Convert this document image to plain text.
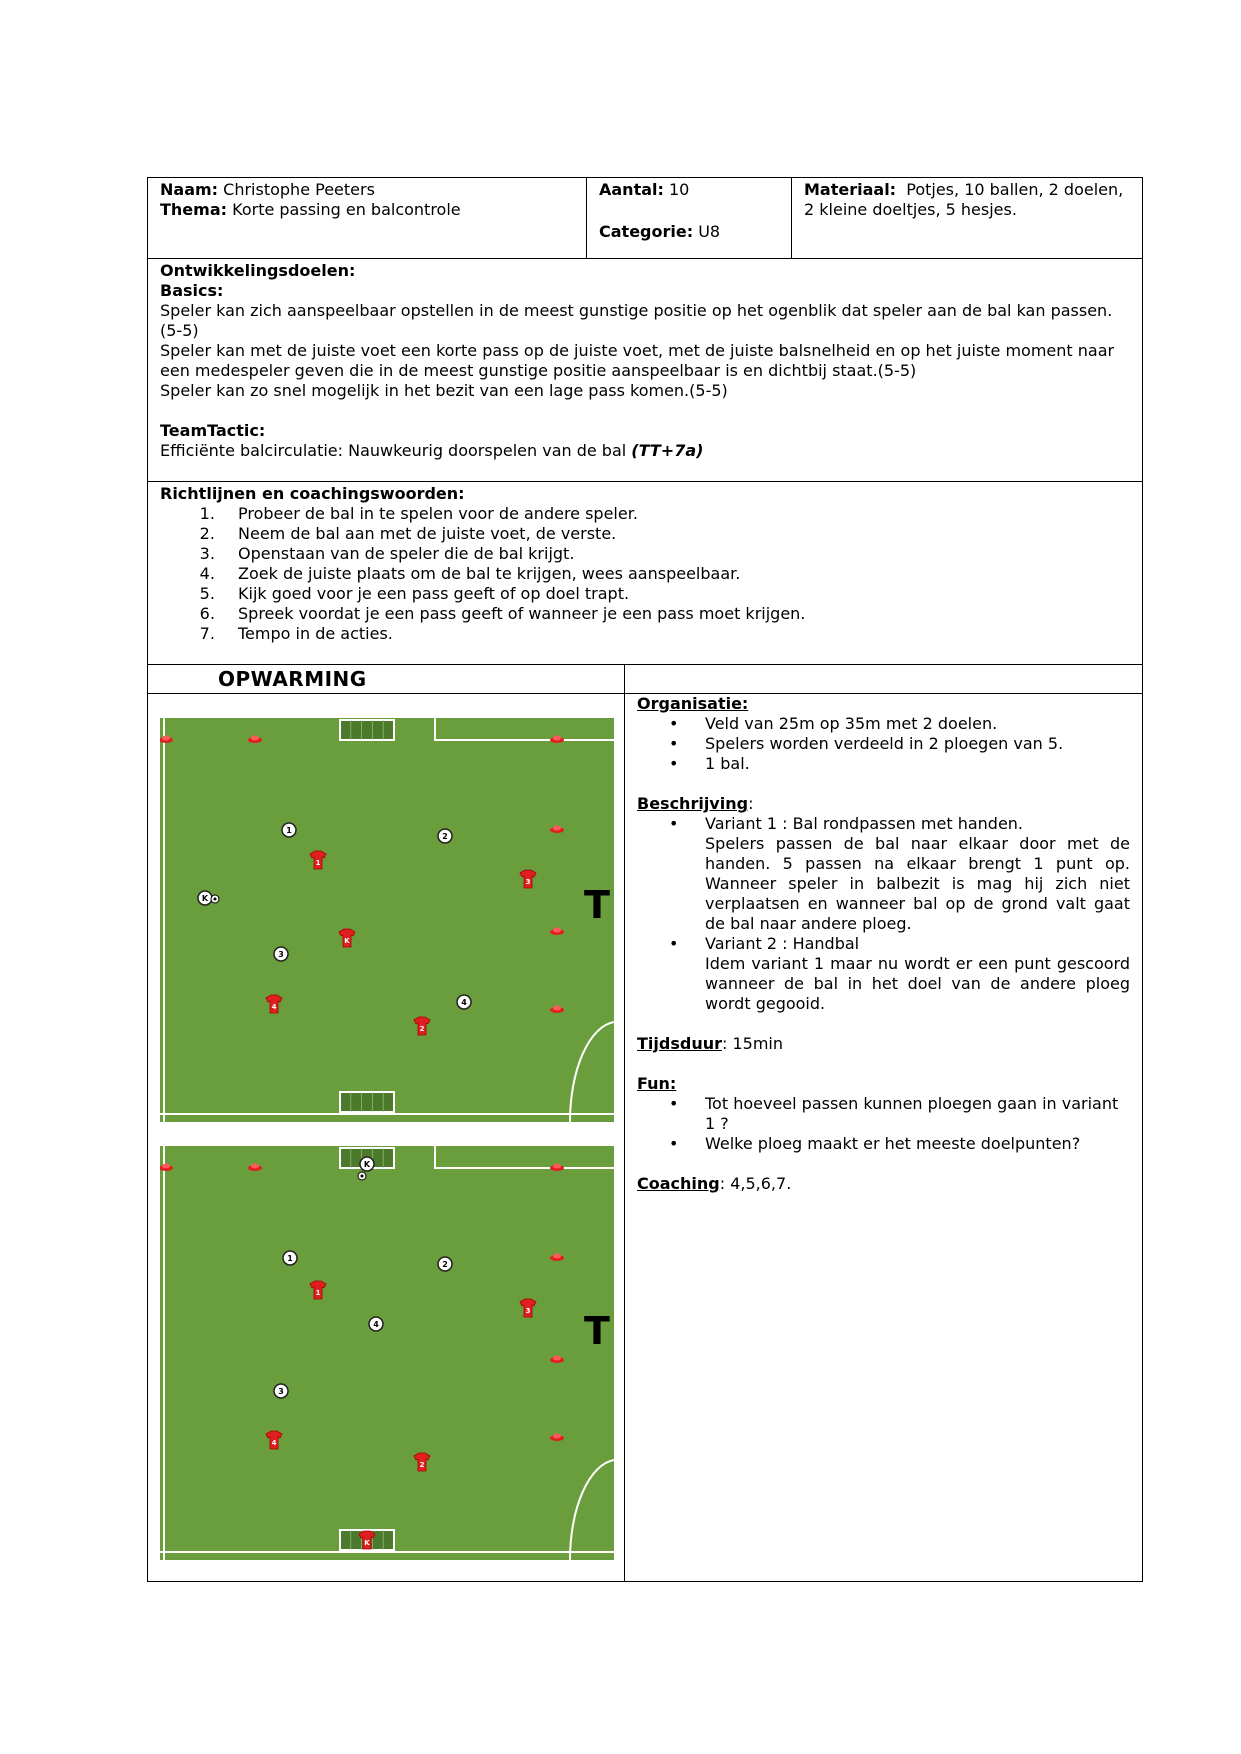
Naam: Christophe Peeters
Thema: Korte passing en balcontrole
Aantal: 10
Categorie: U8
Materiaal: Potjes, 10 ballen, 2 doelen, 2 kleine doeltjes, 5 hesjes.
Ontwikkelingsdoelen:
Basics:
Speler kan zich aanspeelbaar opstellen in de meest gunstige positie op het ogenblik dat speler aan de bal kan passen.(5-5)
Speler kan met de juiste voet een korte pass op de juiste voet, met de juiste balsnelheid en op het juiste moment naar een medespeler geven die in de meest gunstige positie aanspeelbaar is en dichtbij staat.(5-5)
Speler kan zo snel mogelijk in het bezit van een lage pass komen.(5-5)
TeamTactic:
Efficiënte balcirculatie: Nauwkeurig doorspelen van de bal (TT+7a)
Richtlijnen en coachingswoorden:
1. Probeer de bal in te spelen voor de andere speler.
2. Neem de bal aan met de juiste voet, de verste.
3. Openstaan van de speler die de bal krijgt.
4. Zoek de juiste plaats om de bal te krijgen, wees aanspeelbaar.
5. Kijk goed voor je een pass geeft of op doel trapt.
6. Spreek voordat je een pass geeft of wanneer je een pass moet krijgen.
7. Tempo in de acties.
OPWARMING
T
1
2
3
4
1
2
3
4
K
K
T
1
2
3
4
1
2
3
4
K
K
Organisatie:
• Veld van 25m op 35m met 2 doelen.
• Spelers worden verdeeld in 2 ploegen van 5.
• 1 bal.
Beschrijving:
• Variant 1 : Bal rondpassen met handen.
Spelers passen de bal naar elkaar door met de handen. 5 passen na elkaar brengt 1 punt op. Wanneer speler in balbezit is mag hij zich niet verplaatsen en wanneer bal op de grond valt gaat de bal naar andere ploeg.
• Variant 2 : Handbal
Idem variant 1 maar nu wordt er een punt gescoord wanneer de bal in het doel van de andere ploeg wordt gegooid.
Tijdsduur: 15min
Fun:
• Tot hoeveel passen kunnen ploegen gaan in variant 1 ?
• Welke ploeg maakt er het meeste doelpunten?
Coaching: 4,5,6,7.
